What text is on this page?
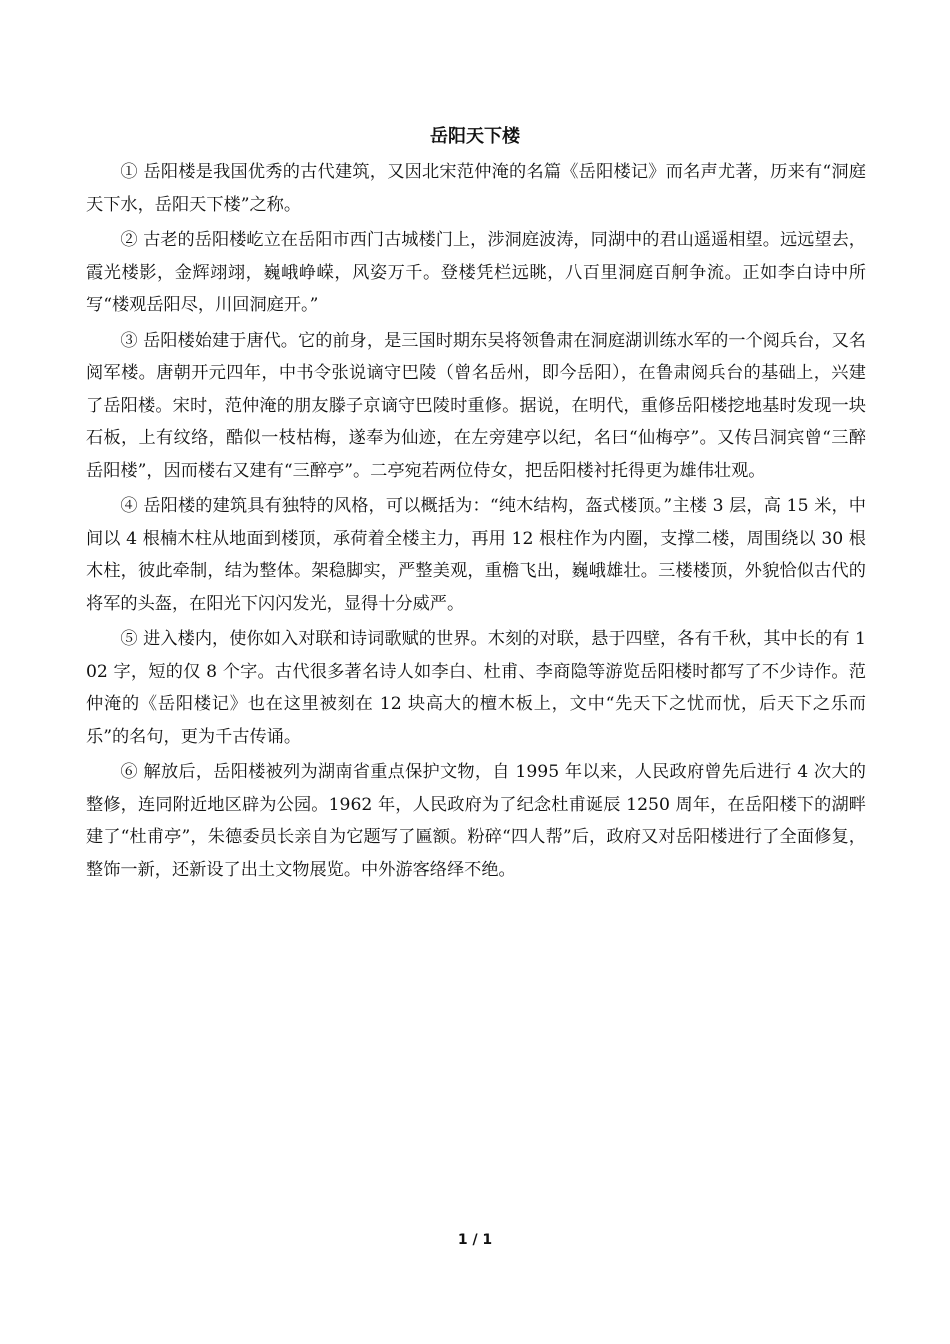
岳阳天下楼

① 岳阳楼是我国优秀的古代建筑，又因北宋范仲淹的名篇《岳阳楼记》而名声尤著，历来有“洞庭天下水，岳阳天下楼”之称。

② 古老的岳阳楼屹立在岳阳市西门古城楼门上，涉洞庭波涛，同湖中的君山遥遥相望。远远望去，霞光楼影，金辉翊翊，巍峨峥嵘，风姿万千。登楼凭栏远眺，八百里洞庭百舸争流。正如李白诗中所写“楼观岳阳尽，川回洞庭开。”

③ 岳阳楼始建于唐代。它的前身，是三国时期东吴将领鲁肃在洞庭湖训练水军的一个阅兵台，又名阅军楼。唐朝开元四年，中书令张说谪守巴陵（曾名岳州，即今岳阳），在鲁肃阅兵台的基础上，兴建了岳阳楼。宋时，范仲淹的朋友滕子京谪守巴陵时重修。据说，在明代，重修岳阳楼挖地基时发现一块石板，上有纹络，酷似一枝枯梅，遂奉为仙迹，在左旁建亭以纪，名曰“仙梅亭”。又传吕洞宾曾“三醉岳阳楼”，因而楼右又建有“三醉亭”。二亭宛若两位侍女，把岳阳楼衬托得更为雄伟壮观。

④ 岳阳楼的建筑具有独特的风格，可以概括为：“纯木结构，盔式楼顶。”主楼 3 层，高 15 米，中间以 4 根楠木柱从地面到楼顶，承荷着全楼主力，再用 12 根柱作为内圈，支撑二楼，周围绕以 30 根木柱，彼此牵制，结为整体。架稳脚实，严整美观，重檐飞出，巍峨雄壮。三楼楼顶，外貌恰似古代的将军的头盔，在阳光下闪闪发光，显得十分威严。

⑤ 进入楼内，使你如入对联和诗词歌赋的世界。木刻的对联，悬于四壁，各有千秋，其中长的有 102 字，短的仅 8 个字。古代很多著名诗人如李白、杜甫、李商隐等游览岳阳楼时都写了不少诗作。范仲淹的《岳阳楼记》也在这里被刻在 12 块高大的檀木板上，文中“先天下之忧而忧，后天下之乐而乐”的名句，更为千古传诵。

⑥ 解放后，岳阳楼被列为湖南省重点保护文物，自 1995 年以来，人民政府曾先后进行 4 次大的整修，连同附近地区辟为公园。1962 年，人民政府为了纪念杜甫诞辰 1250 周年，在岳阳楼下的湖畔建了“杜甫亭”，朱德委员长亲自为它题写了匾额。粉碎“四人帮”后，政府又对岳阳楼进行了全面修复，整饰一新，还新设了出土文物展览。中外游客络绎不绝。

1 / 1
